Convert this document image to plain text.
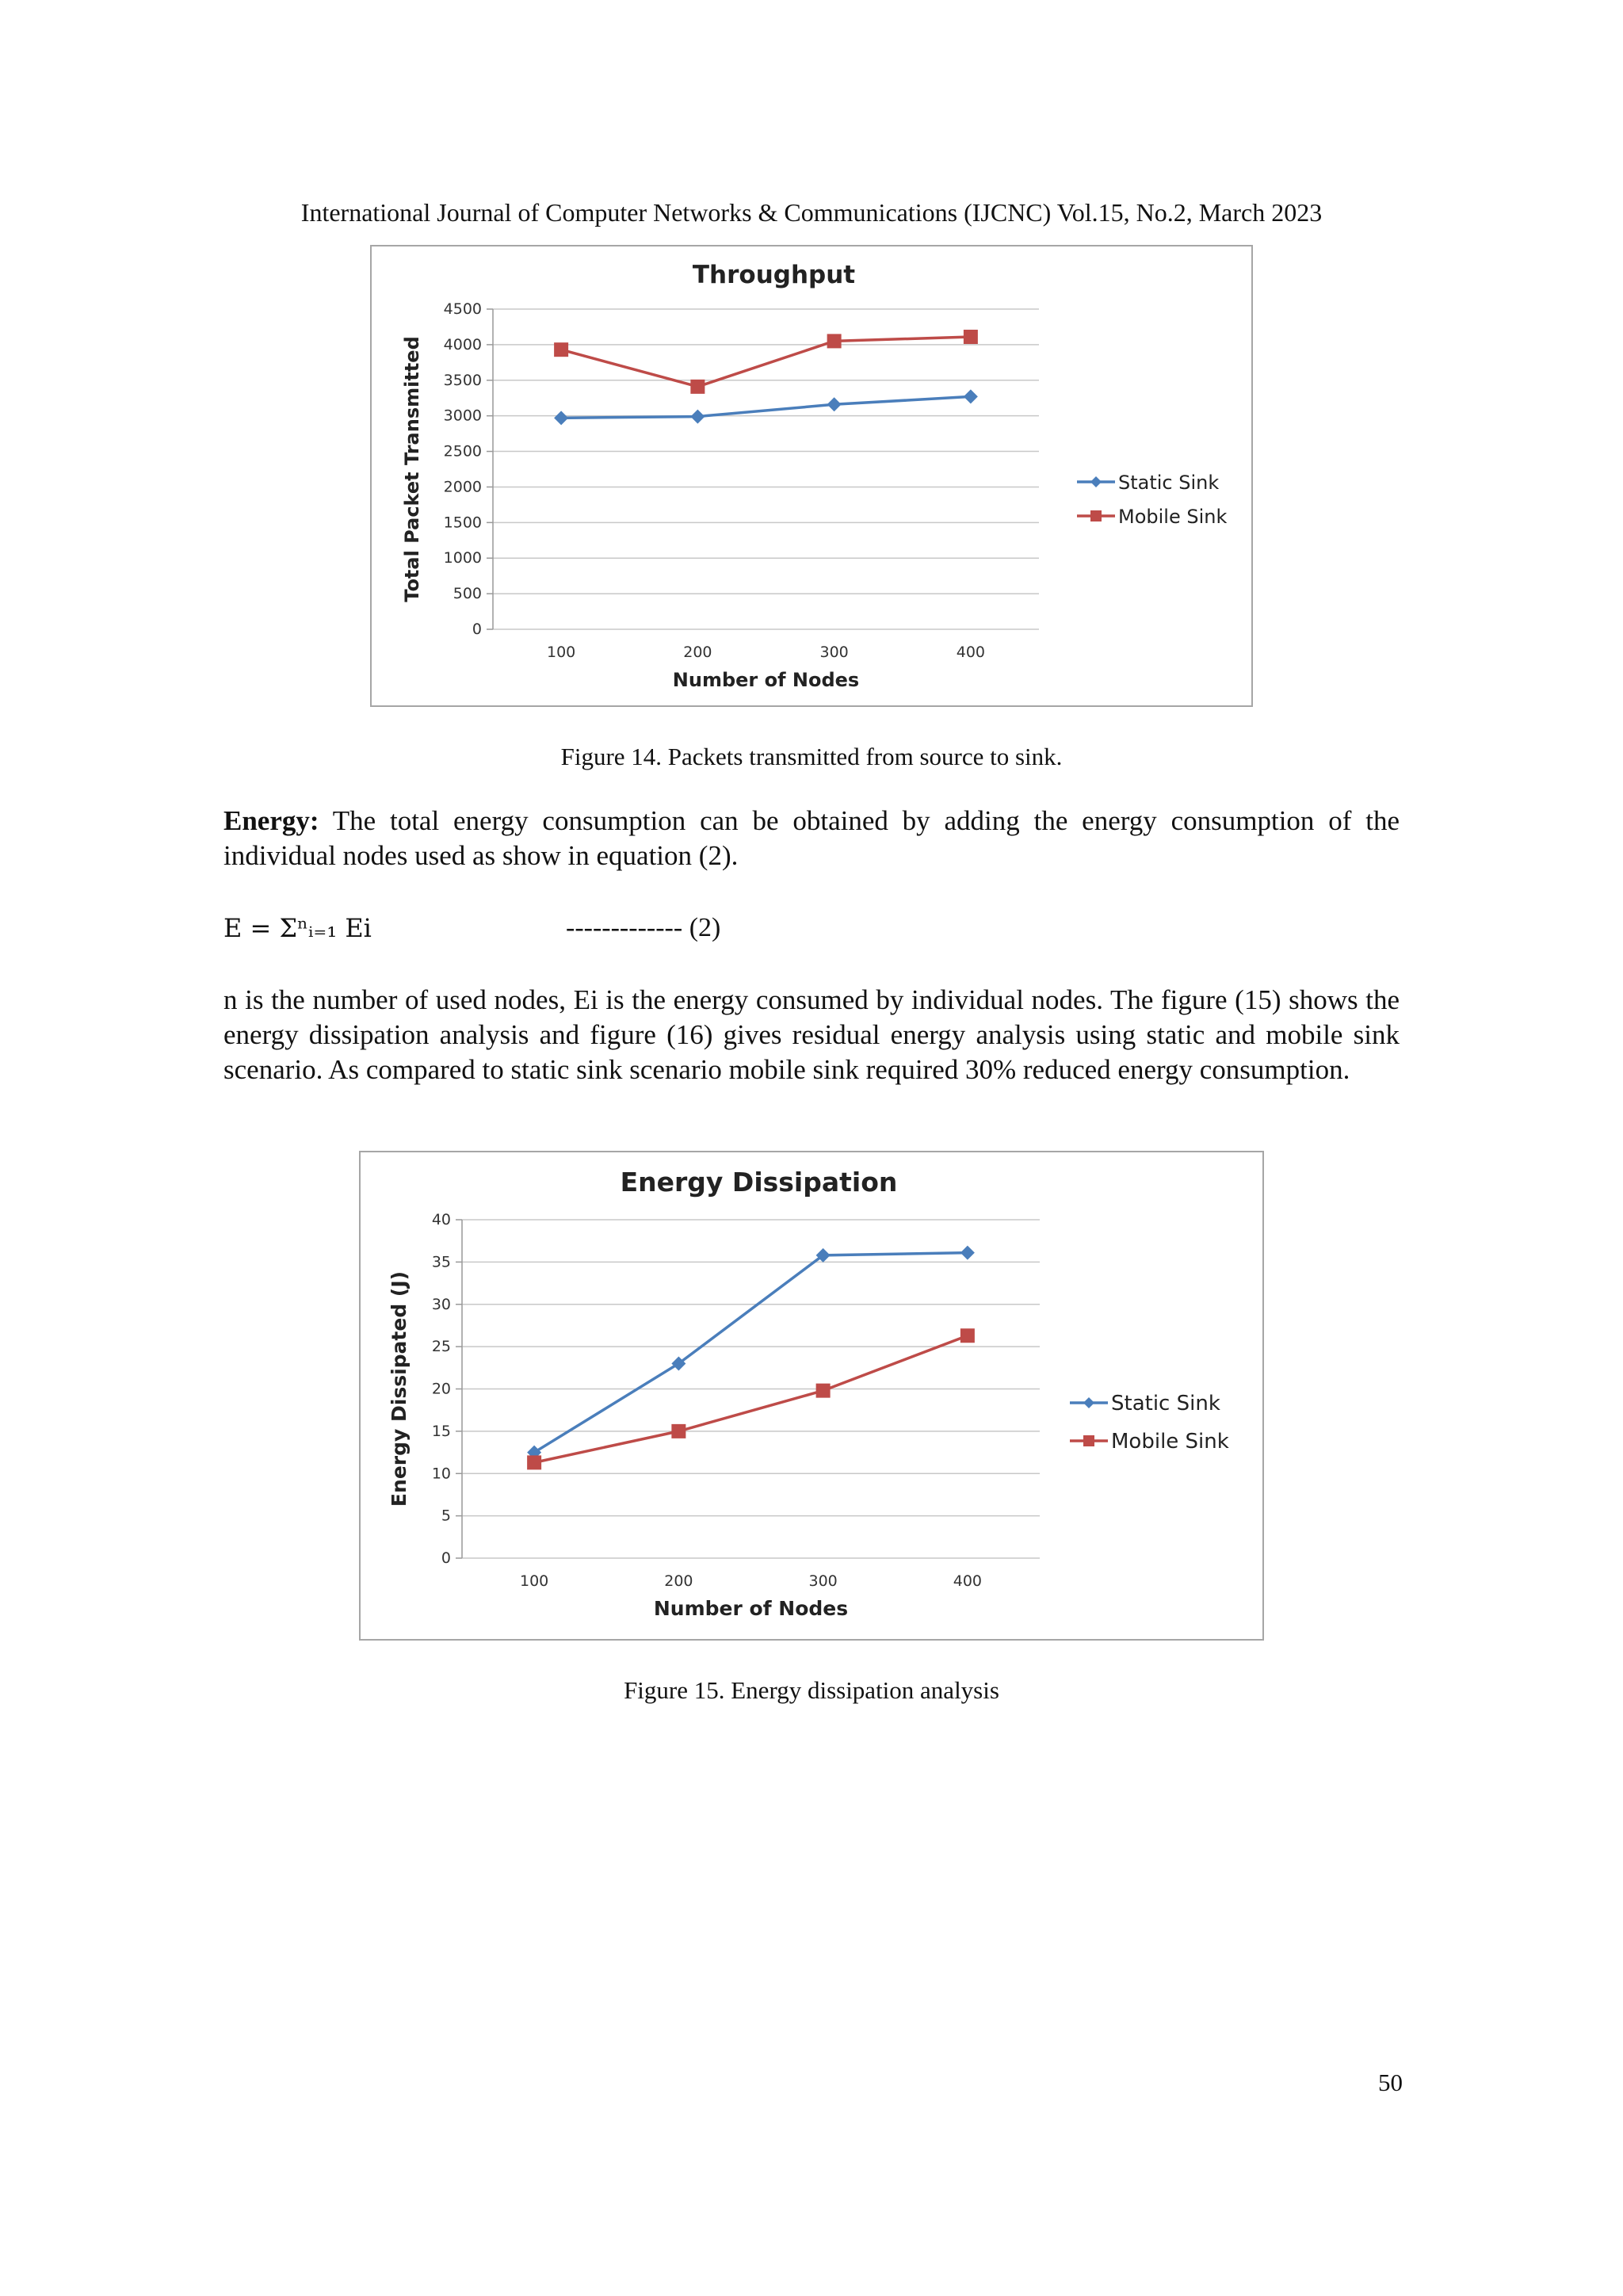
International Journal of Computer Networks & Communications (IJCNC) Vol.15, No.2, March 2023
Throughput
0
500
1000
1500
2000
2500
3000
3500
4000
4500
100	200	300	400
Number of Nodes
Total Packet Transmitted	Static Sink
Mobile Sink
Figure 14. Packets transmitted from source to sink.
Energy: The total energy consumption can be obtained by adding the energy consumption of the individual nodes used as show in equation (2).
E = Σⁿᵢ₌₁ Ei	------------- (2)
n is the number of used nodes, Ei is the energy consumed by individual nodes. The figure (15) shows the energy dissipation analysis and figure (16) gives residual energy analysis using static and mobile sink scenario. As compared to static sink scenario mobile sink required 30% reduced energy consumption.
Energy Dissipation
0
5
10
15
20
25
30
35
40
100	200	300	400
Number of Nodes
Energy Dissipated (J)	Static Sink
Mobile Sink
Figure 15. Energy dissipation analysis
50
